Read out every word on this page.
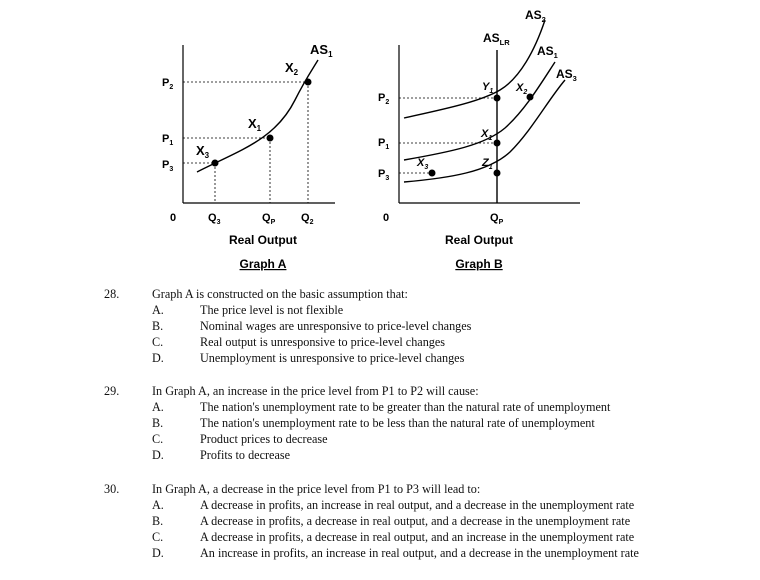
$AS_1$
$P_2$
$P_1$
$P_3$
$Q_3$	$Q_P$ $Q_2$
$X_2$
$X_1$
$X_3$
0
Real Output
Graph A
$AS_2$
$AS_{LR}$
$AS_1$
$AS_3$
$P_2$
$P_1$
$P_3$
$Y_1$ $X_2$
$X_1$
$Z_1$
$X_3$
$Q_P$
0
Real Output
Graph B
28.	Graph A is constructed on the basic assumption that:
A.	The price level is not flexible
B.	Nominal wages are unresponsive to price-level changes
C.	Real output is unresponsive to price-level changes
D.	Unemployment is unresponsive to price-level changes
29.	In Graph A, an increase in the price level from P1 to P2 will cause:
A.	The nation's unemployment rate to be greater than the natural rate of unemployment
B.	The nation's unemployment rate to be less than the natural rate of unemployment
C.	Product prices to decrease
D.	Profits to decrease
30.	In Graph A, a decrease in the price level from P1 to P3 will lead to:
A.	A decrease in profits, an increase in real output, and a decrease in the unemployment rate
B.	A decrease in profits, a decrease in real output, and a decrease in the unemployment rate
C.	A decrease in profits, a decrease in real output, and an increase in the unemployment rate
D.	An increase in profits, an increase in real output, and a decrease in the unemployment rate
